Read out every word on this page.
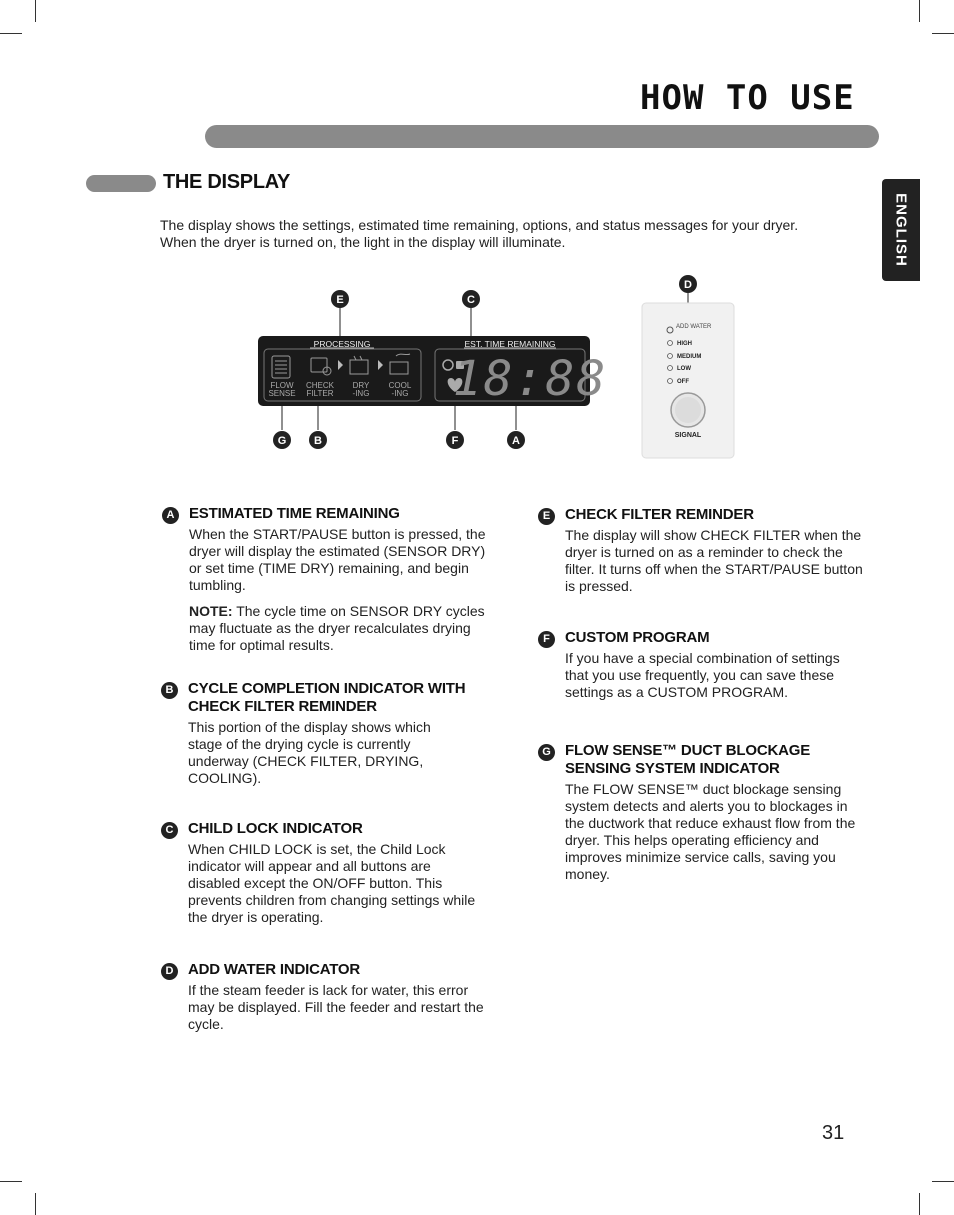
HOW TO USE
ENGLISH
THE DISPLAY
The display shows the settings, estimated time remaining, options, and status messages for your dryer. When the dryer is turned on, the light in the display will illuminate.
PROCESSING	EST. TIME REMAINING
FLOW
SENSE
CHECK
FILTER
DRY
-ING
COOL
-ING 18:88
ADD WATER
HIGH
MEDIUM
LOW
OFF
SIGNAL
E	C
G	B	F	A
D
A ESTIMATED TIME REMAINING

When the START/PAUSE button is pressed, the dryer will display the estimated (SENSOR DRY) or set time (TIME DRY) remaining, and begin tumbling.

NOTE: The cycle time on SENSOR DRY cycles may fluctuate as the dryer recalculates drying time for optimal results.

B CYCLE COMPLETION INDICATOR WITH CHECK FILTER REMINDER

This portion of the display shows which stage of the drying cycle is currently underway (CHECK FILTER, DRYING, COOLING).

C CHILD LOCK INDICATOR

When CHILD LOCK is set, the Child Lock indicator will appear and all buttons are disabled except the ON/OFF button. This prevents children from changing settings while the dryer is operating.

D ADD WATER INDICATOR

If the steam feeder is lack for water, this error may be displayed. Fill the feeder and restart the cycle.

E CHECK FILTER REMINDER

The display will show CHECK FILTER when the dryer is turned on as a reminder to check the filter. It turns off when the START/PAUSE button is pressed.

F	CUSTOM PROGRAM

If you have a special combination of settings that you use frequently, you can save these settings as a CUSTOM PROGRAM.

G FLOW SENSE™ DUCT BLOCKAGE SENSING SYSTEM INDICATOR

The FLOW SENSE™ duct blockage sensing system detects and alerts you to blockages in the ductwork that reduce exhaust flow from the dryer. This helps operating efficiency and improves minimize service calls, saving you money.

31
